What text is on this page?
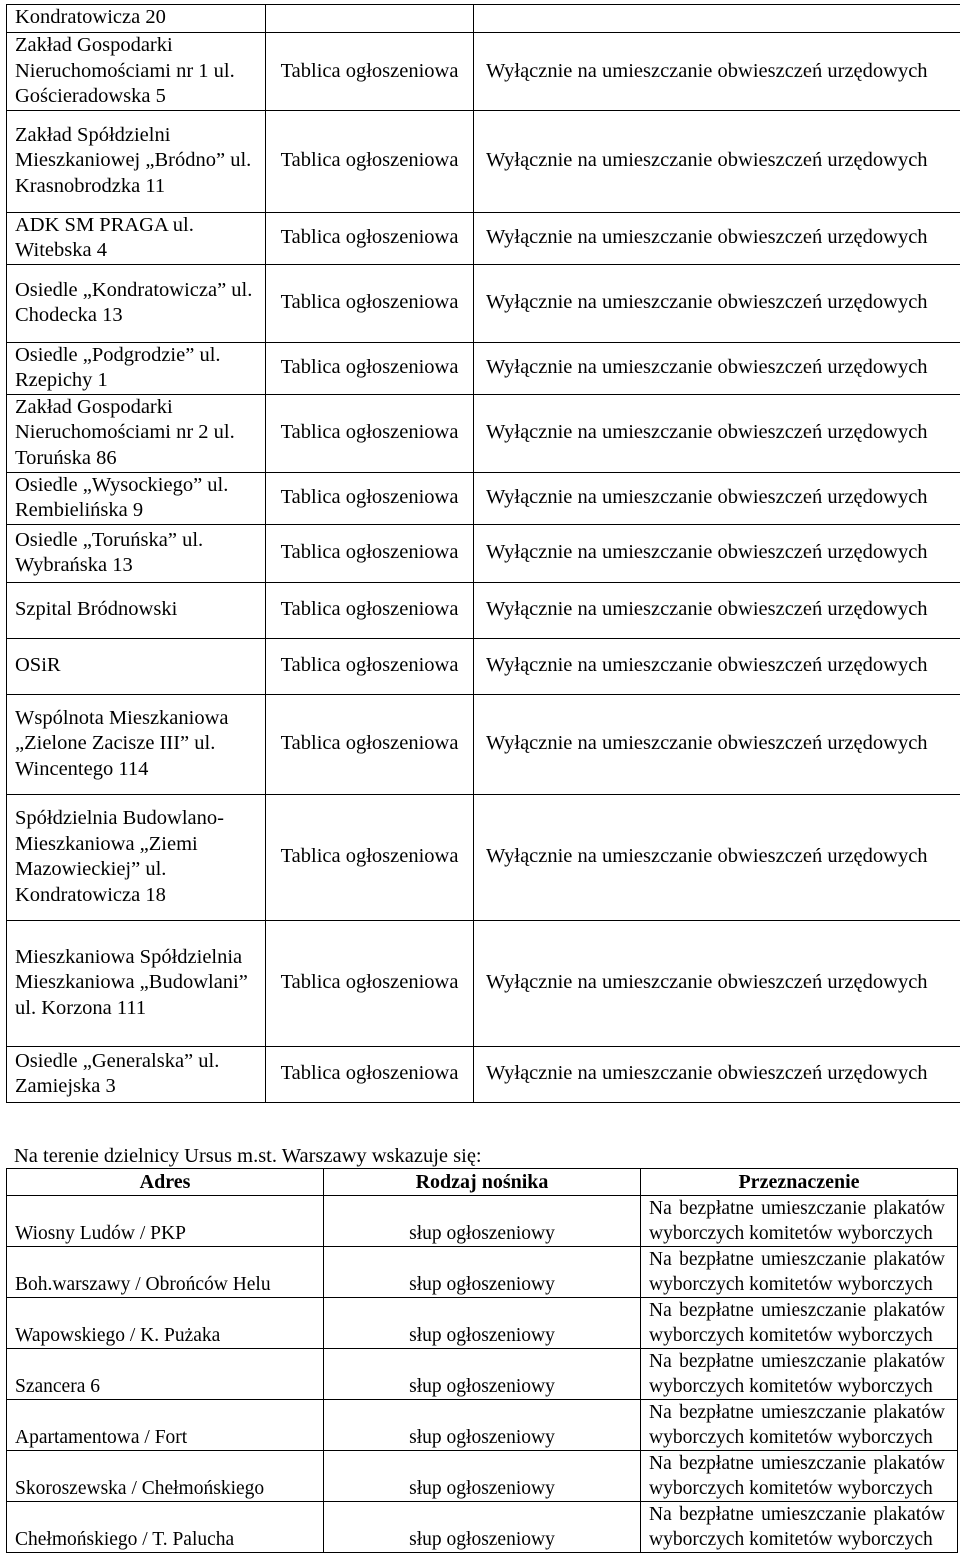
Kondratowicza 20		
Zakład Gospodarki Nieruchomościami nr 1 ul. Gościeradowska 5	Tablica ogłoszeniowa	Wyłącznie na umieszczanie obwieszczeń urzędowych
Zakład Spółdzielni Mieszkaniowej „Bródno” ul. Krasnobrodzka 11	Tablica ogłoszeniowa	Wyłącznie na umieszczanie obwieszczeń urzędowych
ADK SM PRAGA ul. Witebska 4	Tablica ogłoszeniowa	Wyłącznie na umieszczanie obwieszczeń urzędowych
Osiedle „Kondratowicza” ul. Chodecka 13	Tablica ogłoszeniowa	Wyłącznie na umieszczanie obwieszczeń urzędowych
Osiedle „Podgrodzie” ul. Rzepichy 1	Tablica ogłoszeniowa	Wyłącznie na umieszczanie obwieszczeń urzędowych
Zakład Gospodarki Nieruchomościami nr 2 ul. Toruńska 86	Tablica ogłoszeniowa	Wyłącznie na umieszczanie obwieszczeń urzędowych
Osiedle „Wysockiego” ul. Rembielińska 9	Tablica ogłoszeniowa	Wyłącznie na umieszczanie obwieszczeń urzędowych
Osiedle „Toruńska” ul. Wybrańska 13	Tablica ogłoszeniowa	Wyłącznie na umieszczanie obwieszczeń urzędowych
Szpital Bródnowski	Tablica ogłoszeniowa	Wyłącznie na umieszczanie obwieszczeń urzędowych
OSiR	Tablica ogłoszeniowa	Wyłącznie na umieszczanie obwieszczeń urzędowych
Wspólnota Mieszkaniowa „Zielone Zacisze III” ul. Wincentego 114	Tablica ogłoszeniowa	Wyłącznie na umieszczanie obwieszczeń urzędowych
Spółdzielnia Budowlano-Mieszkaniowa „Ziemi Mazowieckiej” ul. Kondratowicza 18	Tablica ogłoszeniowa	Wyłącznie na umieszczanie obwieszczeń urzędowych
Mieszkaniowa Spółdzielnia Mieszkaniowa „Budowlani” ul. Korzona 111	Tablica ogłoszeniowa	Wyłącznie na umieszczanie obwieszczeń urzędowych
Osiedle „Generalska” ul. Zamiejska 3	Tablica ogłoszeniowa	Wyłącznie na umieszczanie obwieszczeń urzędowych

Na terenie dzielnicy Ursus m.st. Warszawy wskazuje się:

Adres	Rodzaj nośnika	Przeznaczenie
Wiosny Ludów / PKP	słup ogłoszeniowy	Na bezpłatne umieszczanie plakatów wyborczych komitetów wyborczych
Boh.warszawy / Obrońców Helu	słup ogłoszeniowy	Na bezpłatne umieszczanie plakatów wyborczych komitetów wyborczych
Wapowskiego / K. Pużaka	słup ogłoszeniowy	Na bezpłatne umieszczanie plakatów wyborczych komitetów wyborczych
Szancera 6	słup ogłoszeniowy	Na bezpłatne umieszczanie plakatów wyborczych komitetów wyborczych
Apartamentowa / Fort	słup ogłoszeniowy	Na bezpłatne umieszczanie plakatów wyborczych komitetów wyborczych
Skoroszewska / Chełmońskiego	słup ogłoszeniowy	Na bezpłatne umieszczanie plakatów wyborczych komitetów wyborczych
Chełmońskiego / T. Palucha	słup ogłoszeniowy	Na bezpłatne umieszczanie plakatów wyborczych komitetów wyborczych
